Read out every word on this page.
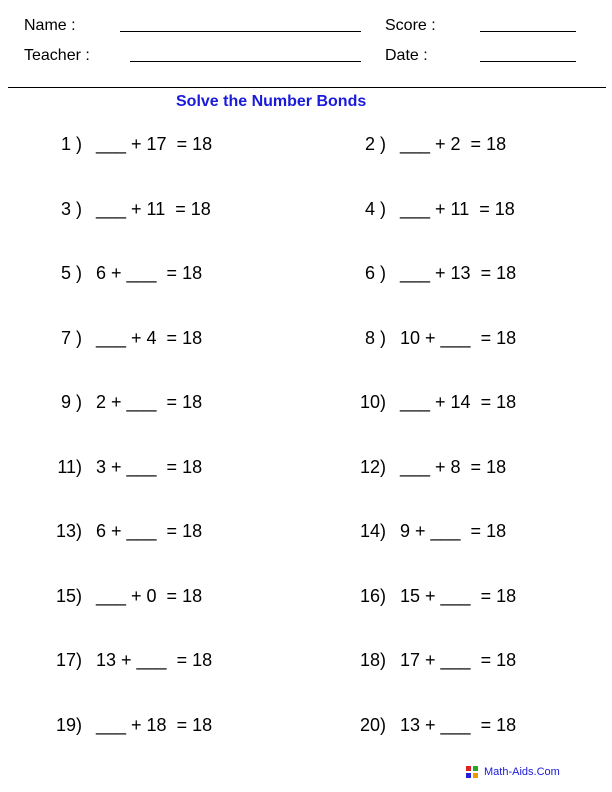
Name :	Score :
Teacher :	Date :
Solve the Number Bonds
1 ) ___ + 17  = 18	2 ) ___ + 2  = 18
3 ) ___ + 11  = 18	4 ) ___ + 11  = 18
5 ) 6 + ___  = 18	6 ) ___ + 13  = 18
7 ) ___ + 4  = 18	8 ) 10 + ___  = 18
9 ) 2 + ___  = 18	10) ___ + 14  = 18
11) 3 + ___  = 18	12) ___ + 8  = 18
13) 6 + ___  = 18	14) 9 + ___  = 18
15) ___ + 0  = 18	16) 15 + ___  = 18
17) 13 + ___  = 18	18) 17 + ___  = 18
19) ___ + 18  = 18	20) 13 + ___  = 18
Math-Aids.Com
